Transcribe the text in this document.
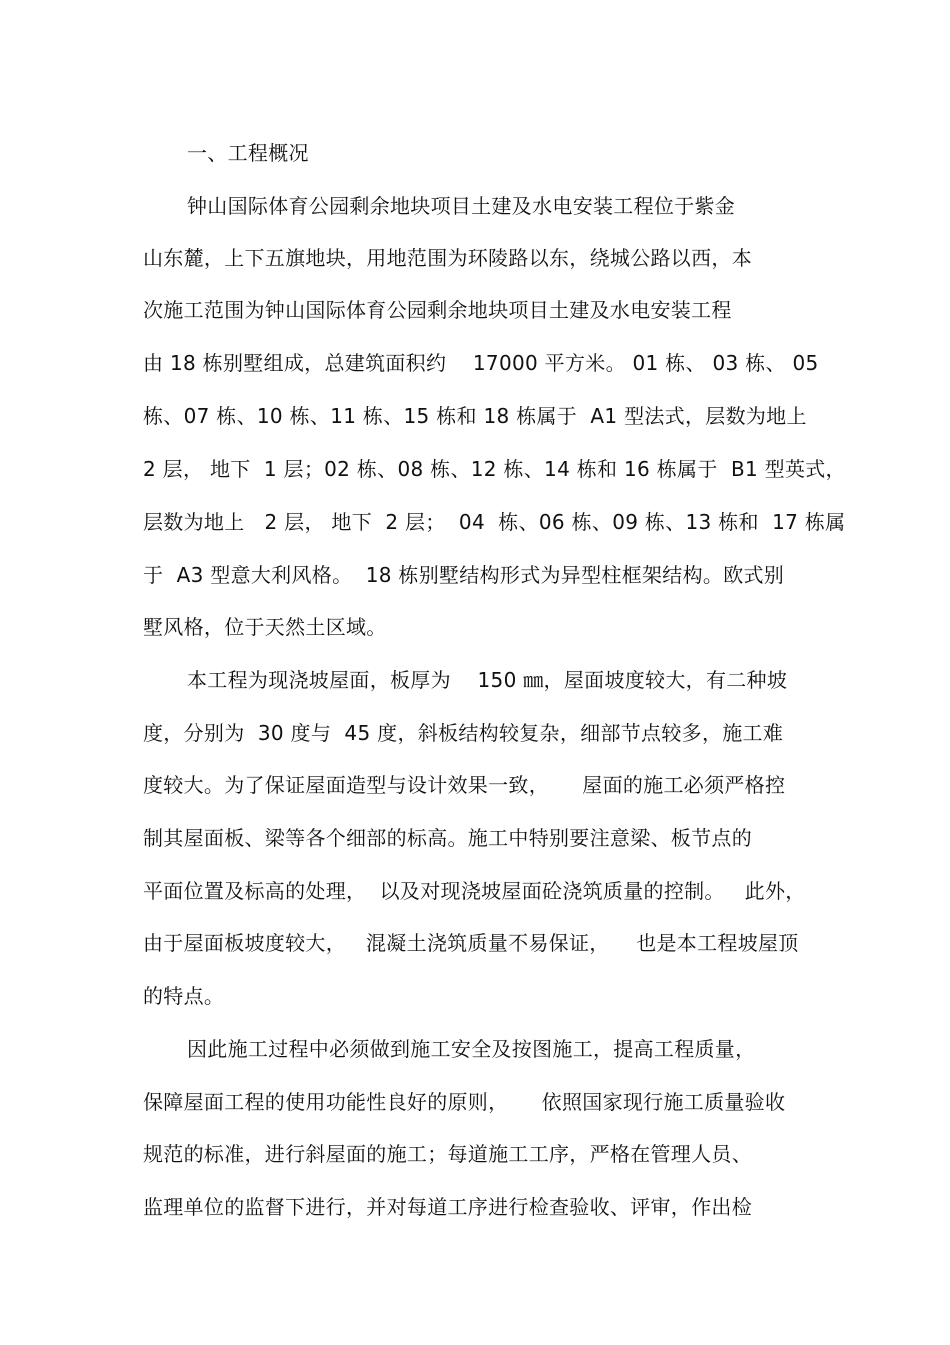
一、工程概况
钟山国际体育公园剩余地块项目土建及水电安装工程位于紫金
山东麓，上下五旗地块，用地范围为环陵路以东，绕城公路以西，本
次施工范围为钟山国际体育公园剩余地块项目土建及水电安装工程
由 18 栋别墅组成，总建筑面积约    17000 平方米。 01 栋、 03 栋、 05
栋、07 栋、10 栋、11 栋、15 栋和 18 栋属于  A1 型法式，层数为地上
2 层， 地下  1 层；02 栋、08 栋、12 栋、14 栋和 16 栋属于  B1 型英式，
层数为地上   2 层， 地下  2 层；  04  栋、06 栋、09 栋、13 栋和  17 栋属
于  A3 型意大利风格。  18 栋别墅结构形式为异型柱框架结构。欧式别
墅风格，位于天然土区域。
本工程为现浇坡屋面，板厚为    150 ㎜，屋面坡度较大，有二种坡
度，分别为  30 度与  45 度，斜板结构较复杂，细部节点较多，施工难
度较大。为了保证屋面造型与设计效果一致，     屋面的施工必须严格控
制其屋面板、梁等各个细部的标高。施工中特别要注意梁、板节点的
平面位置及标高的处理，  以及对现浇坡屋面砼浇筑质量的控制。   此外，
由于屋面板坡度较大，   混凝土浇筑质量不易保证，    也是本工程坡屋顶
的特点。
因此施工过程中必须做到施工安全及按图施工，提高工程质量，
保障屋面工程的使用功能性良好的原则，     依照国家现行施工质量验收
规范的标准，进行斜屋面的施工；每道施工工序，严格在管理人员、
监理单位的监督下进行，并对每道工序进行检查验收、评审，作出检
